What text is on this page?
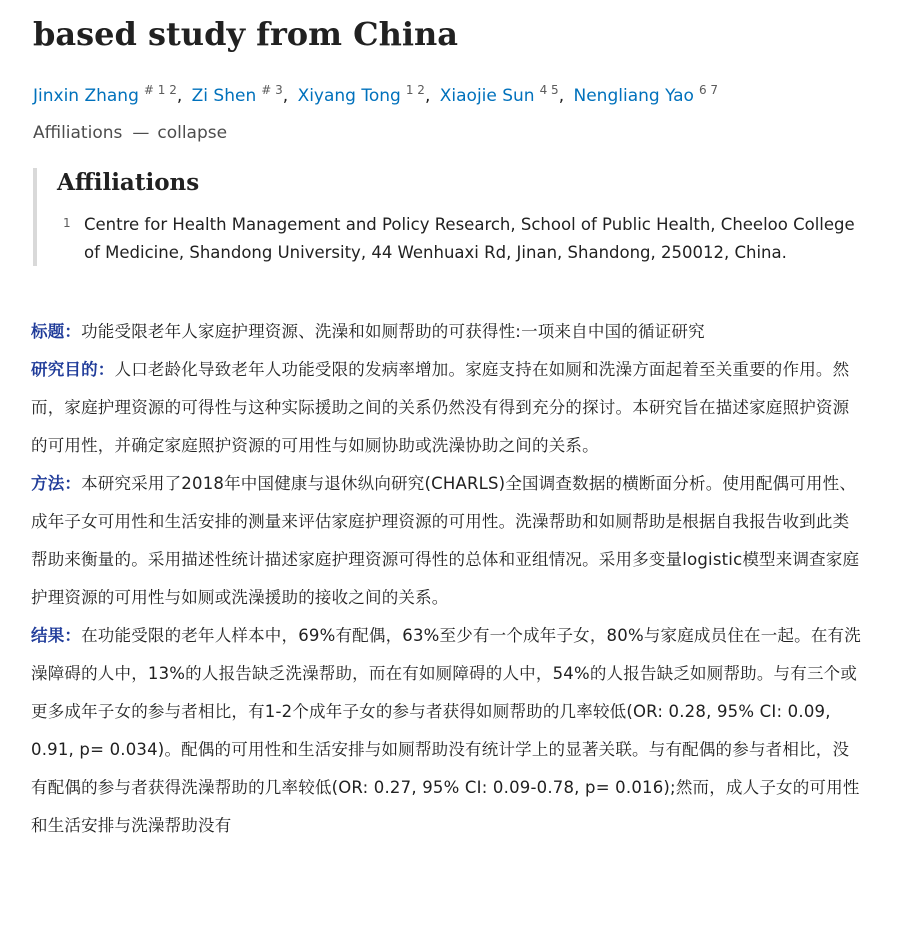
based study from China
Jinxin Zhang $^{\# 1 2}$, Zi Shen $^{\# 3}$, Xiyang Tong $^{1 2}$, Xiaojie Sun $^{4 5}$, Nengliang Yao $^{6 7}$
Affiliations — collapse
Affiliations
1 Centre for Health Management and Policy Research, School of Public Health, Cheeloo College of Medicine, Shandong University, 44 Wenhuaxi Rd, Jinan, Shandong, 250012, China.

标题：功能受限老年人家庭护理资源、洗澡和如厕帮助的可获得性:一项来自中国的循证研究

研究目的：人口老龄化导致老年人功能受限的发病率增加。家庭支持在如厕和洗澡方面起着至关重要的作用。然而，家庭护理资源的可得性与这种实际援助之间的关系仍然没有得到充分的探讨。本研究旨在描述家庭照护资源的可用性，并确定家庭照护资源的可用性与如厕协助或洗澡协助之间的关系。

方法：本研究采用了2018年中国健康与退休纵向研究(CHARLS)全国调查数据的横断面分析。使用配偶可用性、成年子女可用性和生活安排的测量来评估家庭护理资源的可用性。洗澡帮助和如厕帮助是根据自我报告收到此类帮助来衡量的。采用描述性统计描述家庭护理资源可得性的总体和亚组情况。采用多变量logistic模型来调查家庭护理资源的可用性与如厕或洗澡援助的接收之间的关系。

结果：在功能受限的老年人样本中，69%有配偶，63%至少有一个成年子女，80%与家庭成员住在一起。在有洗澡障碍的人中，13%的人报告缺乏洗澡帮助，而在有如厕障碍的人中，54%的人报告缺乏如厕帮助。与有三个或更多成年子女的参与者相比，有1-2个成年子女的参与者获得如厕帮助的几率较低(OR: 0.28, 95% CI: 0.09, 0.91, p= 0.034)。配偶的可用性和生活安排与如厕帮助没有统计学上的显著关联。与有配偶的参与者相比，没有配偶的参与者获得洗澡帮助的几率较低(OR: 0.27, 95% CI: 0.09-0.78, p= 0.016);然而，成人子女的可用性和生活安排与洗澡帮助没有
